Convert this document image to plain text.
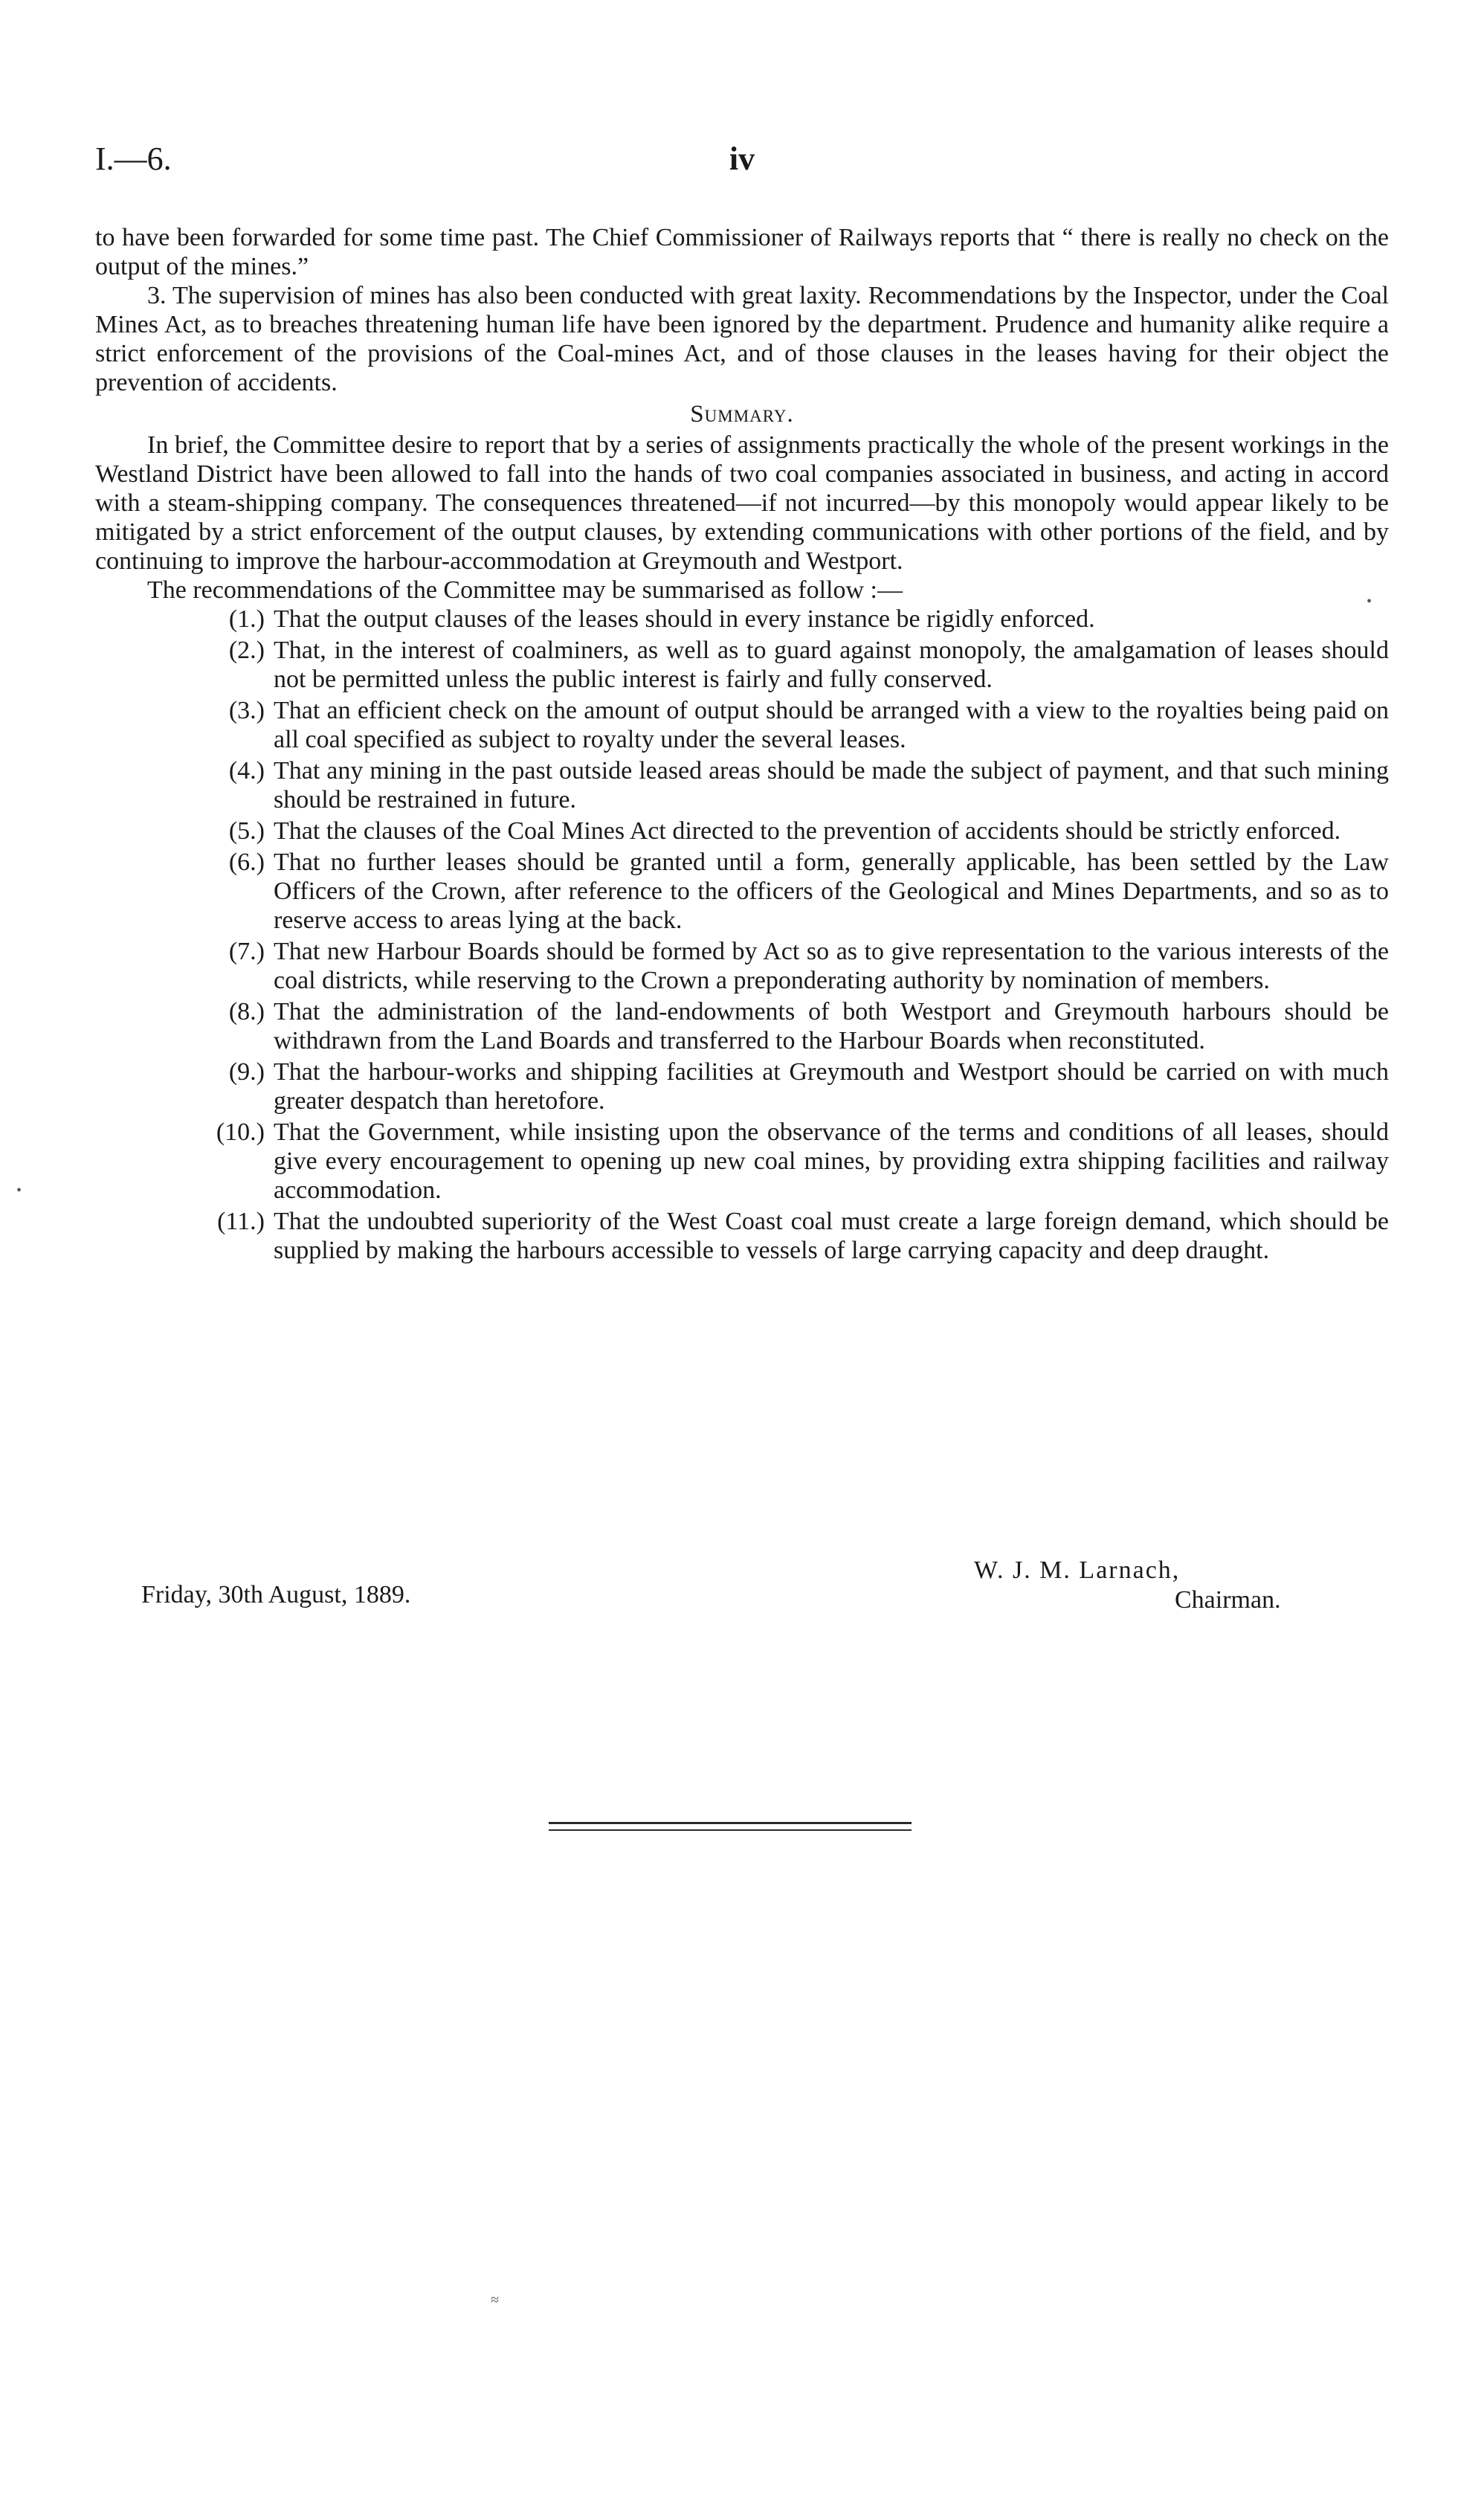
I.—6.	iv

to have been forwarded for some time past. The Chief Commissioner of Railways reports that “ there is really no check on the output of the mines.”

3. The supervision of mines has also been conducted with great laxity. Recommendations by the Inspector, under the Coal Mines Act, as to breaches threatening human life have been ignored by the department. Prudence and humanity alike require a strict enforcement of the provisions of the Coal-mines Act, and of those clauses in the leases having for their object the prevention of accidents.

Summary.

In brief, the Committee desire to report that by a series of assignments practically the whole of the present workings in the Westland District have been allowed to fall into the hands of two coal companies associated in business, and acting in accord with a steam-shipping company. The consequences threatened—if not incurred—by this monopoly would appear likely to be mitigated by a strict enforcement of the output clauses, by extending communications with other portions of the field, and by continuing to improve the harbour-accommodation at Greymouth and Westport.

The recommendations of the Committee may be summarised as follow :—

(1.) That the output clauses of the leases should in every instance be rigidly enforced.
(2.) That, in the interest of coalminers, as well as to guard against monopoly, the amalgamation of leases should not be permitted unless the public interest is fairly and fully conserved.
(3.) That an efficient check on the amount of output should be arranged with a view to the royalties being paid on all coal specified as subject to royalty under the several leases.
(4.) That any mining in the past outside leased areas should be made the subject of payment, and that such mining should be restrained in future.
(5.) That the clauses of the Coal Mines Act directed to the prevention of accidents should be strictly enforced.
(6.) That no further leases should be granted until a form, generally applicable, has been settled by the Law Officers of the Crown, after reference to the officers of the Geological and Mines Departments, and so as to reserve access to areas lying at the back.
(7.) That new Harbour Boards should be formed by Act so as to give representation to the various interests of the coal districts, while reserving to the Crown a preponderating authority by nomination of members.
(8.) That the administration of the land-endowments of both Westport and Greymouth harbours should be withdrawn from the Land Boards and transferred to the Harbour Boards when reconstituted.
(9.) That the harbour-works and shipping facilities at Greymouth and Westport should be carried on with much greater despatch than heretofore.
(10.) That the Government, while insisting upon the observance of the terms and conditions of all leases, should give every encouragement to opening up new coal mines, by providing extra shipping facilities and railway accommodation.
(11.) That the undoubted superiority of the West Coast coal must create a large foreign demand, which should be supplied by making the harbours accessible to vessels of large carrying capacity and deep draught.
W. J. M. Larnach,
Chairman.
Friday, 30th August, 1889.
•
•
≈
